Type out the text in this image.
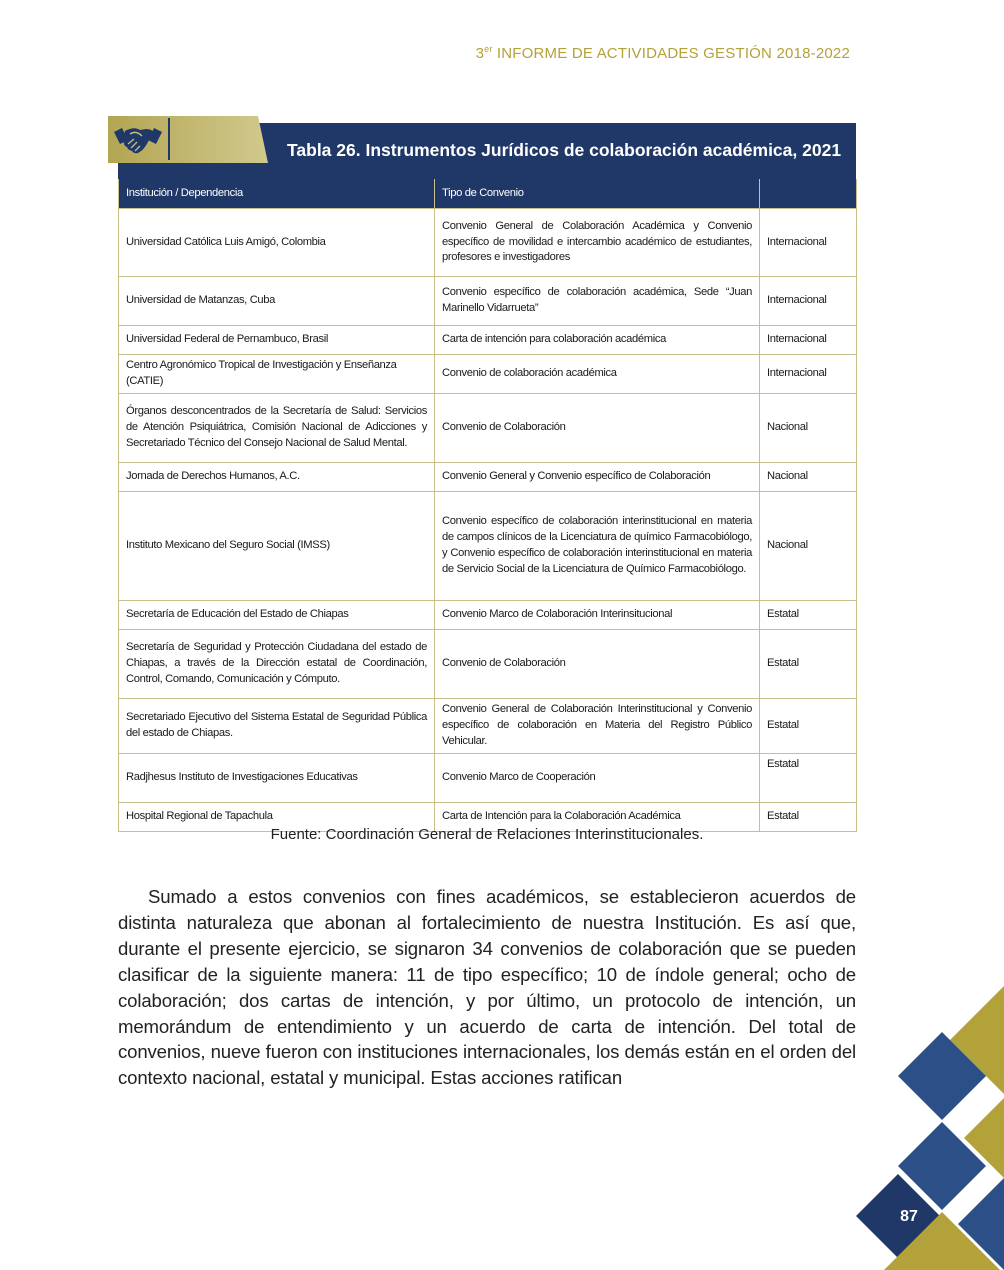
3er INFORME DE ACTIVIDADES GESTIÓN 2018-2022
Tabla 26. Instrumentos Jurídicos de colaboración académica, 2021
Institución / Dependencia	Tipo de Convenio	
Universidad Católica Luis Amigó, Colombia	Convenio General de Colaboración Académica y Convenio específico de movilidad e intercambio académico de estudiantes, profesores e investigadores	Internacional
Universidad de Matanzas, Cuba	Convenio específico de colaboración académica, Sede “Juan Marinello Vidarrueta”	Internacional
Universidad Federal de Pernambuco, Brasil	Carta de intención para colaboración académica	Internacional
Centro Agronómico Tropical de Investigación y Enseñanza (CATIE)	Convenio de colaboración académica	Internacional
Órganos desconcentrados de la Secretaría de Salud: Servicios de Atención Psiquiátrica, Comisión Nacional de Adicciones y Secretariado Técnico del Consejo Nacional de Salud Mental.	Convenio de Colaboración	Nacional
Jornada de Derechos Humanos, A.C.	Convenio General y Convenio específico de Colaboración	Nacional
Instituto Mexicano del Seguro Social (IMSS)	Convenio específico de colaboración interinstitucional en materia de campos clínicos de la Licenciatura de químico Farmacobiólogo, y Convenio específico de colaboración interinstitucional en materia de Servicio Social de la Licenciatura de Químico Farmacobiólogo.	Nacional
Secretaría de Educación del Estado de Chiapas	Convenio Marco de Colaboración Interinsitucional	Estatal
Secretaría de Seguridad y Protección Ciudadana del estado de Chiapas, a través de la Dirección estatal de Coordinación, Control, Comando, Comunicación y Cómputo.	Convenio de Colaboración	Estatal
Secretariado Ejecutivo del Sistema Estatal de Seguridad Pública del estado de Chiapas.	Convenio General de Colaboración Interinstitucional y Convenio específico de colaboración en Materia del Registro Público Vehicular.	Estatal
Radjhesus Instituto de Investigaciones Educativas	Convenio Marco de Cooperación	Estatal
Hospital Regional de Tapachula	Carta de Intención para la Colaboración Académica	Estatal
Fuente: Coordinación General de Relaciones Interinstitucionales.

Sumado a estos convenios con fines académicos, se establecieron acuerdos de distinta naturaleza que abonan al fortalecimiento de nuestra Institución. Es así que, durante el presente ejercicio, se signaron 34 convenios de colaboración que se pueden clasificar de la siguiente manera: 11 de tipo específico; 10 de índole general; ocho de colaboración; dos cartas de intención, y por último, un protocolo de intención, un memorándum de entendimiento y un acuerdo de carta de intención. Del total de convenios, nueve fueron con instituciones internacionales, los demás están en el orden del contexto nacional, estatal y municipal. Estas acciones ratifican

87
